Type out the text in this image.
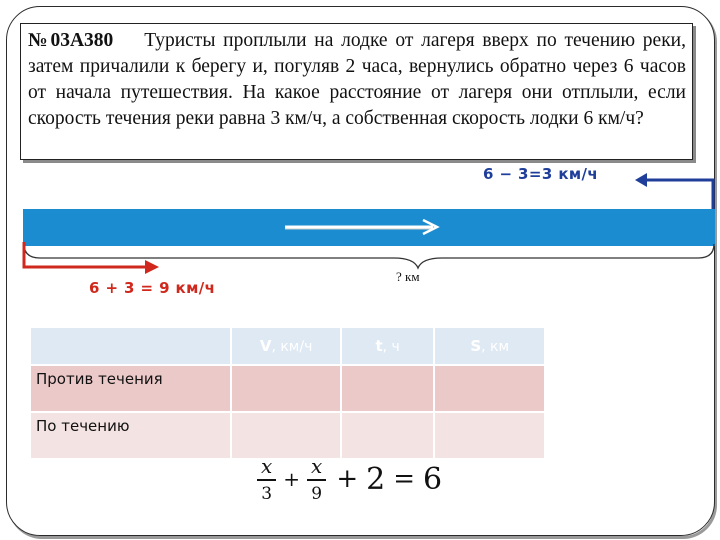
№03А380 Туристы проплыли на лодке от лагеря вверх по течению реки, затем причалили к берегу и, погуляв 2 часа, вернулись обратно через 6 часов от начала путешествия. На какое расстояние от лагеря они отплыли, если скорость течения реки равна 3 км/ч, а собственная скорость лодки 6 км/ч?
6 − 3=3 км/ч
? км
6 + 3 = 9 км/ч
	V, км/ч	t, ч	S, км
Против течения			
По течению			
$\frac{x}{3} + \frac{x}{9} + 2 = 6$
